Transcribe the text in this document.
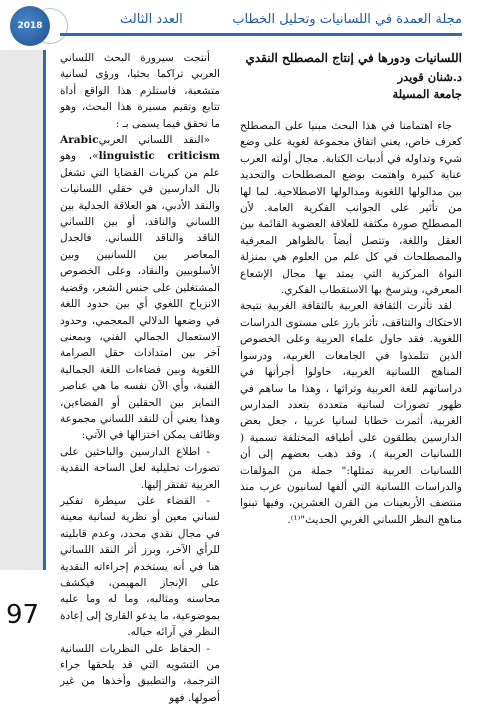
2018	العدد الثالث	مجلة العمدة في اللسانيات وتحليل الخطاب
اللسانيات ودورها في إنتاج المصطلح النقدي
د.شنان قويدر
جامعة المسيلة

جاء اهتمامنا في هذا البحث مبنيا على المصطلح كعرف خاص، يعني اتفاق مجموعة لغوية على وضع شيء وتداوله في أدبيات الكتابة. مجال أولته العرب عناية كبيرة واهتمت بوضع المصطلحات والتحديد بين مدالولها اللغوية ومدالولها الاصطلاحية. لما لها من تأثير على الجوانب الفكرية العامة. لأن المصطلح صورة مكثفة للعلاقة العضوية القائمة بين العقل واللغة، وتتصل أيضاً بالظواهر المعرفية والمصطلحات في كل علم من العلوم هي بمنزلة النواة المركزية التي يمتد بها مجال الإشعاع المعرفي، ويترسخ بها الاستقطاب الفكري.

لقد تأثرت الثقافة العربية بالثقافة الغربية نتيجة الاحتكاك والتثاقف، تأثر بارز على مستوى الدراسات اللغوية. فقد حاول علماء العربية وعلى الخصوص الذين تتلمذوا في الجامعات الغربية، ودرسوا المناهج اللسانية الغربية، حاولوا أجرأتها في دراساتهم للغة العربية وتراثها ، وهذا ما ساهم في ظهور تصورات لسانية متعددة بتعدد المدارس الغربية، أثمرت خطابا لسانيا عربيا ، جعل بعض الدارسين يطلقون على أطيافه المختلفة تسمية ( اللسانيات العربية )، وقد ذهب بعضهم إلى أن اللسانيات العربية تمثلها:" جملة من المؤلفات والدراسات اللسانية التي ألفها لسانيون عرب منذ منتصف الأربعينات من القرن العشرين، وفيها تبنوا مناهج النظر اللساني الغربي الحديث"⁽¹⁾.

أنتجت سيرورة البحث اللساني العربي تراكما بحثيا، ورؤى لسانية متشعبة، فاستلزم هذا الواقع أداة تتابع وتقيم مسيرة هذا البحث، وهو ما تحقق فيما يسمى بـ :

«النقد اللساني العربيArabic linguistic criticism»، وهو علم من كبريات القضايا التي تشغل بال الدارسين في حقلي اللسانيات والنقد الأدبي، هو العلاقة الجدلية بين اللساني والناقد، أو بين اللساني الناقد والناقد اللساني. فالجدل المعاصر بين اللسانيين وبين الأسلوبيين والنقاد، وعلى الخصوص المشتغلين على جنس الشعر، وقضية الانزياح اللغوي أي بين حدود اللغة في وضعها الدلالي المعجمي، وحدود الاستعمال الجمالي الفني، وبمعنى آخر بين امتدادات حقل الصرامة اللغوية وبين فضاءات اللغة الجمالية الفنية، وأي الآن نفسه ما هي عناصر التمايز بين الحقلين أو الفضاءين، وهذا يعني أن للنقد اللساني مجموعة وظائف يمكن اختزالها في الآتي:

- اطلاع الدارسين والباحثين على تصورات تحليلية لعل الساحة النقدية العربية تفتقر إليها.

- القضاء على سيطرة تفكير لساني معين أو نظرية لسانية معينة في مجال نقدي محدد، وعدم قابليته للرأي الآخر، وبرز أثر النقد اللساني هنا في أنه يستخدم إجراءاته النقدية على الإنجاز المهيمن، فيكشف محاسنه ومثالبه، وما له وما عليه بموضوعية، ما يدعو القارئ إلى إعادة النظر في آرائه حياله.

- الحفاظ على النظريات اللسانية من التشويه التي قد يلحقها جراء الترجمة، والتطبيق وأخذها من غير أصولها. فهو

97
